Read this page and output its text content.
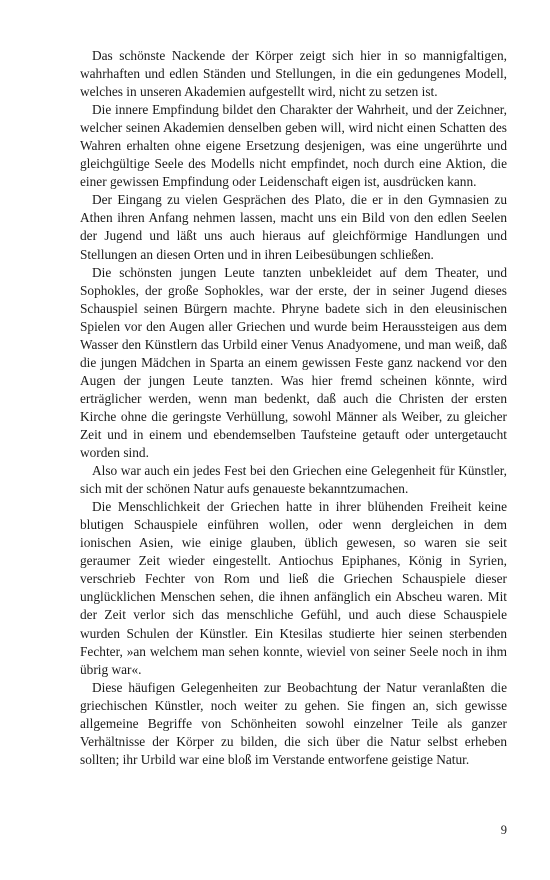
Das schönste Nackende der Körper zeigt sich hier in so mannigfaltigen, wahrhaften und edlen Ständen und Stellungen, in die ein gedungenes Modell, welches in unseren Akademien aufgestellt wird, nicht zu setzen ist.

Die innere Empfindung bildet den Charakter der Wahrheit, und der Zeichner, welcher seinen Akademien denselben geben will, wird nicht einen Schatten des Wahren erhalten ohne eigene Ersetzung desjenigen, was eine ungerührte und gleichgültige Seele des Modells nicht empfindet, noch durch eine Aktion, die einer gewissen Empfindung oder Leidenschaft eigen ist, ausdrücken kann.

Der Eingang zu vielen Gesprächen des Plato, die er in den Gymnasien zu Athen ihren Anfang nehmen lassen, macht uns ein Bild von den edlen Seelen der Jugend und läßt uns auch hieraus auf gleichförmige Handlungen und Stellungen an diesen Orten und in ihren Leibesübungen schließen.

Die schönsten jungen Leute tanzten unbekleidet auf dem Theater, und Sophokles, der große Sophokles, war der erste, der in seiner Jugend dieses Schauspiel seinen Bürgern machte. Phryne badete sich in den eleusinischen Spielen vor den Augen aller Griechen und wurde beim Heraussteigen aus dem Wasser den Künstlern das Urbild einer Venus Anadyomene, und man weiß, daß die jungen Mädchen in Sparta an einem gewissen Feste ganz nackend vor den Augen der jungen Leute tanzten. Was hier fremd scheinen könnte, wird erträglicher werden, wenn man bedenkt, daß auch die Christen der ersten Kirche ohne die geringste Verhüllung, sowohl Männer als Weiber, zu gleicher Zeit und in einem und ebendemselben Taufsteine getauft oder untergetaucht worden sind.

Also war auch ein jedes Fest bei den Griechen eine Gelegenheit für Künstler, sich mit der schönen Natur aufs genaueste bekanntzumachen.

Die Menschlichkeit der Griechen hatte in ihrer blühenden Freiheit keine blutigen Schauspiele einführen wollen, oder wenn dergleichen in dem ionischen Asien, wie einige glauben, üblich gewesen, so waren sie seit geraumer Zeit wieder eingestellt. Antiochus Epiphanes, König in Syrien, verschrieb Fechter von Rom und ließ die Griechen Schauspiele dieser unglücklichen Menschen sehen, die ihnen anfänglich ein Abscheu waren. Mit der Zeit verlor sich das menschliche Gefühl, und auch diese Schauspiele wurden Schulen der Künstler. Ein Ktesilas studierte hier seinen sterbenden Fechter, »an welchem man sehen konnte, wieviel von seiner Seele noch in ihm übrig war«.

Diese häufigen Gelegenheiten zur Beobachtung der Natur veranlaßten die griechischen Künstler, noch weiter zu gehen. Sie fingen an, sich gewisse allgemeine Begriffe von Schönheiten sowohl einzelner Teile als ganzer Verhältnisse der Körper zu bilden, die sich über die Natur selbst erheben sollten; ihr Urbild war eine bloß im Verstande entworfene geistige Natur.

9
